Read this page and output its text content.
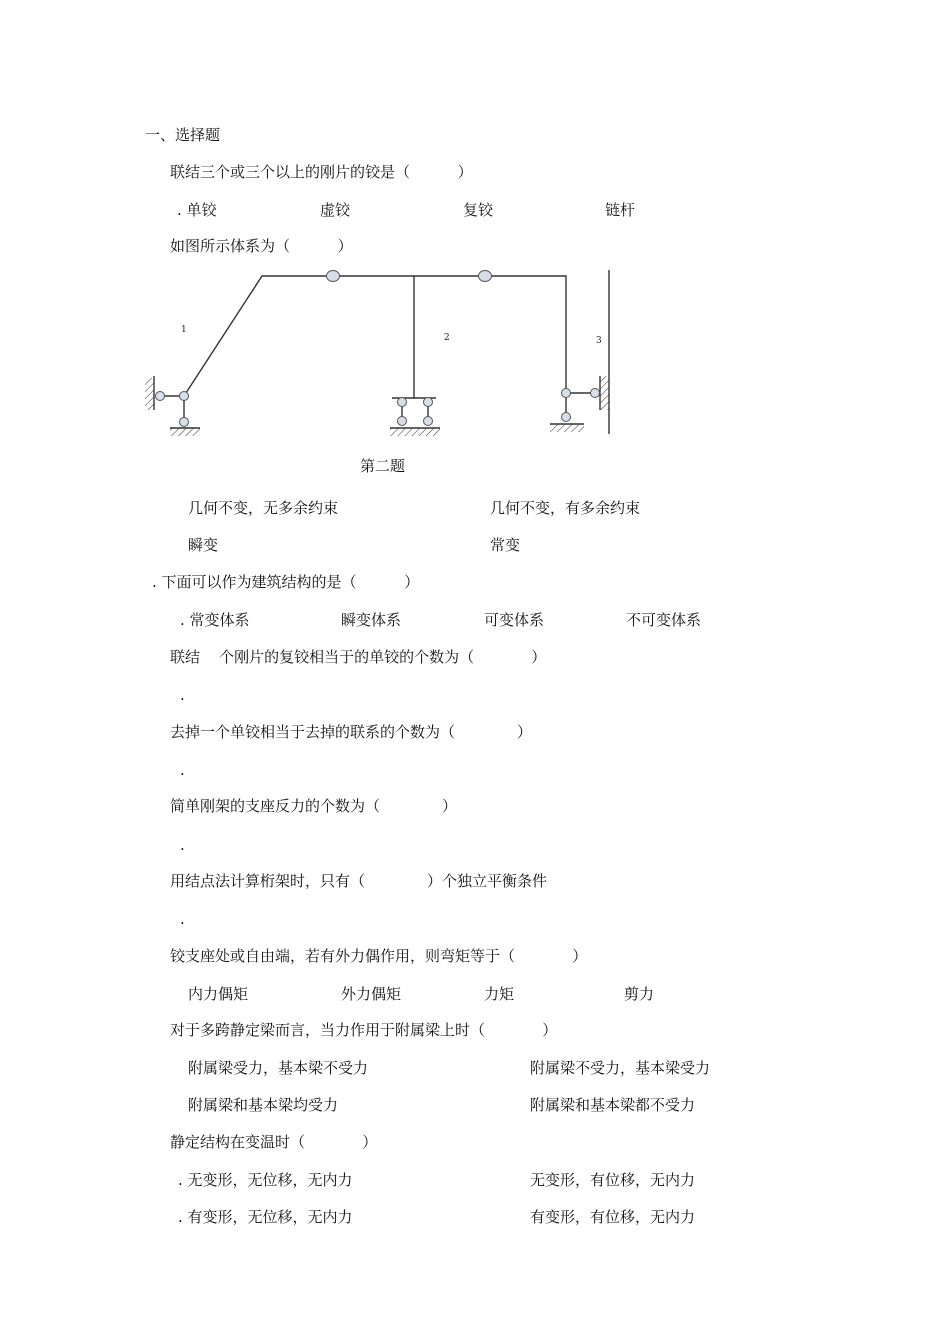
一、选择题
联结三个或三个以上的刚片的铰是（          ）
. 单铰	虚铰	复铰	链杆
如图所示体系为（          ）
1
2	3
第二题
几何不变，无多余约束	几何不变，有多余约束
瞬变	常变
. 下面可以作为建筑结构的是（          ）
. 常变体系	瞬变体系	可变体系	不可变体系
联结    个刚片的复铰相当于的单铰的个数为（            ）
.
去掉一个单铰相当于去掉的联系的个数为（             ）
.
简单刚架的支座反力的个数为（             ）
.
用结点法计算桁架时，只有（             ）个独立平衡条件
.
铰支座处或自由端，若有外力偶作用，则弯矩等于（            ）
内力偶矩	外力偶矩	力矩	剪力
对于多跨静定梁而言，当力作用于附属梁上时（            ）
附属梁受力，基本梁不受力	附属梁不受力，基本梁受力
附属梁和基本梁均受力	附属梁和基本梁都不受力
静定结构在变温时（            ）
. 无变形，无位移，无内力	无变形，有位移，无内力
. 有变形，无位移，无内力	有变形，有位移，无内力
